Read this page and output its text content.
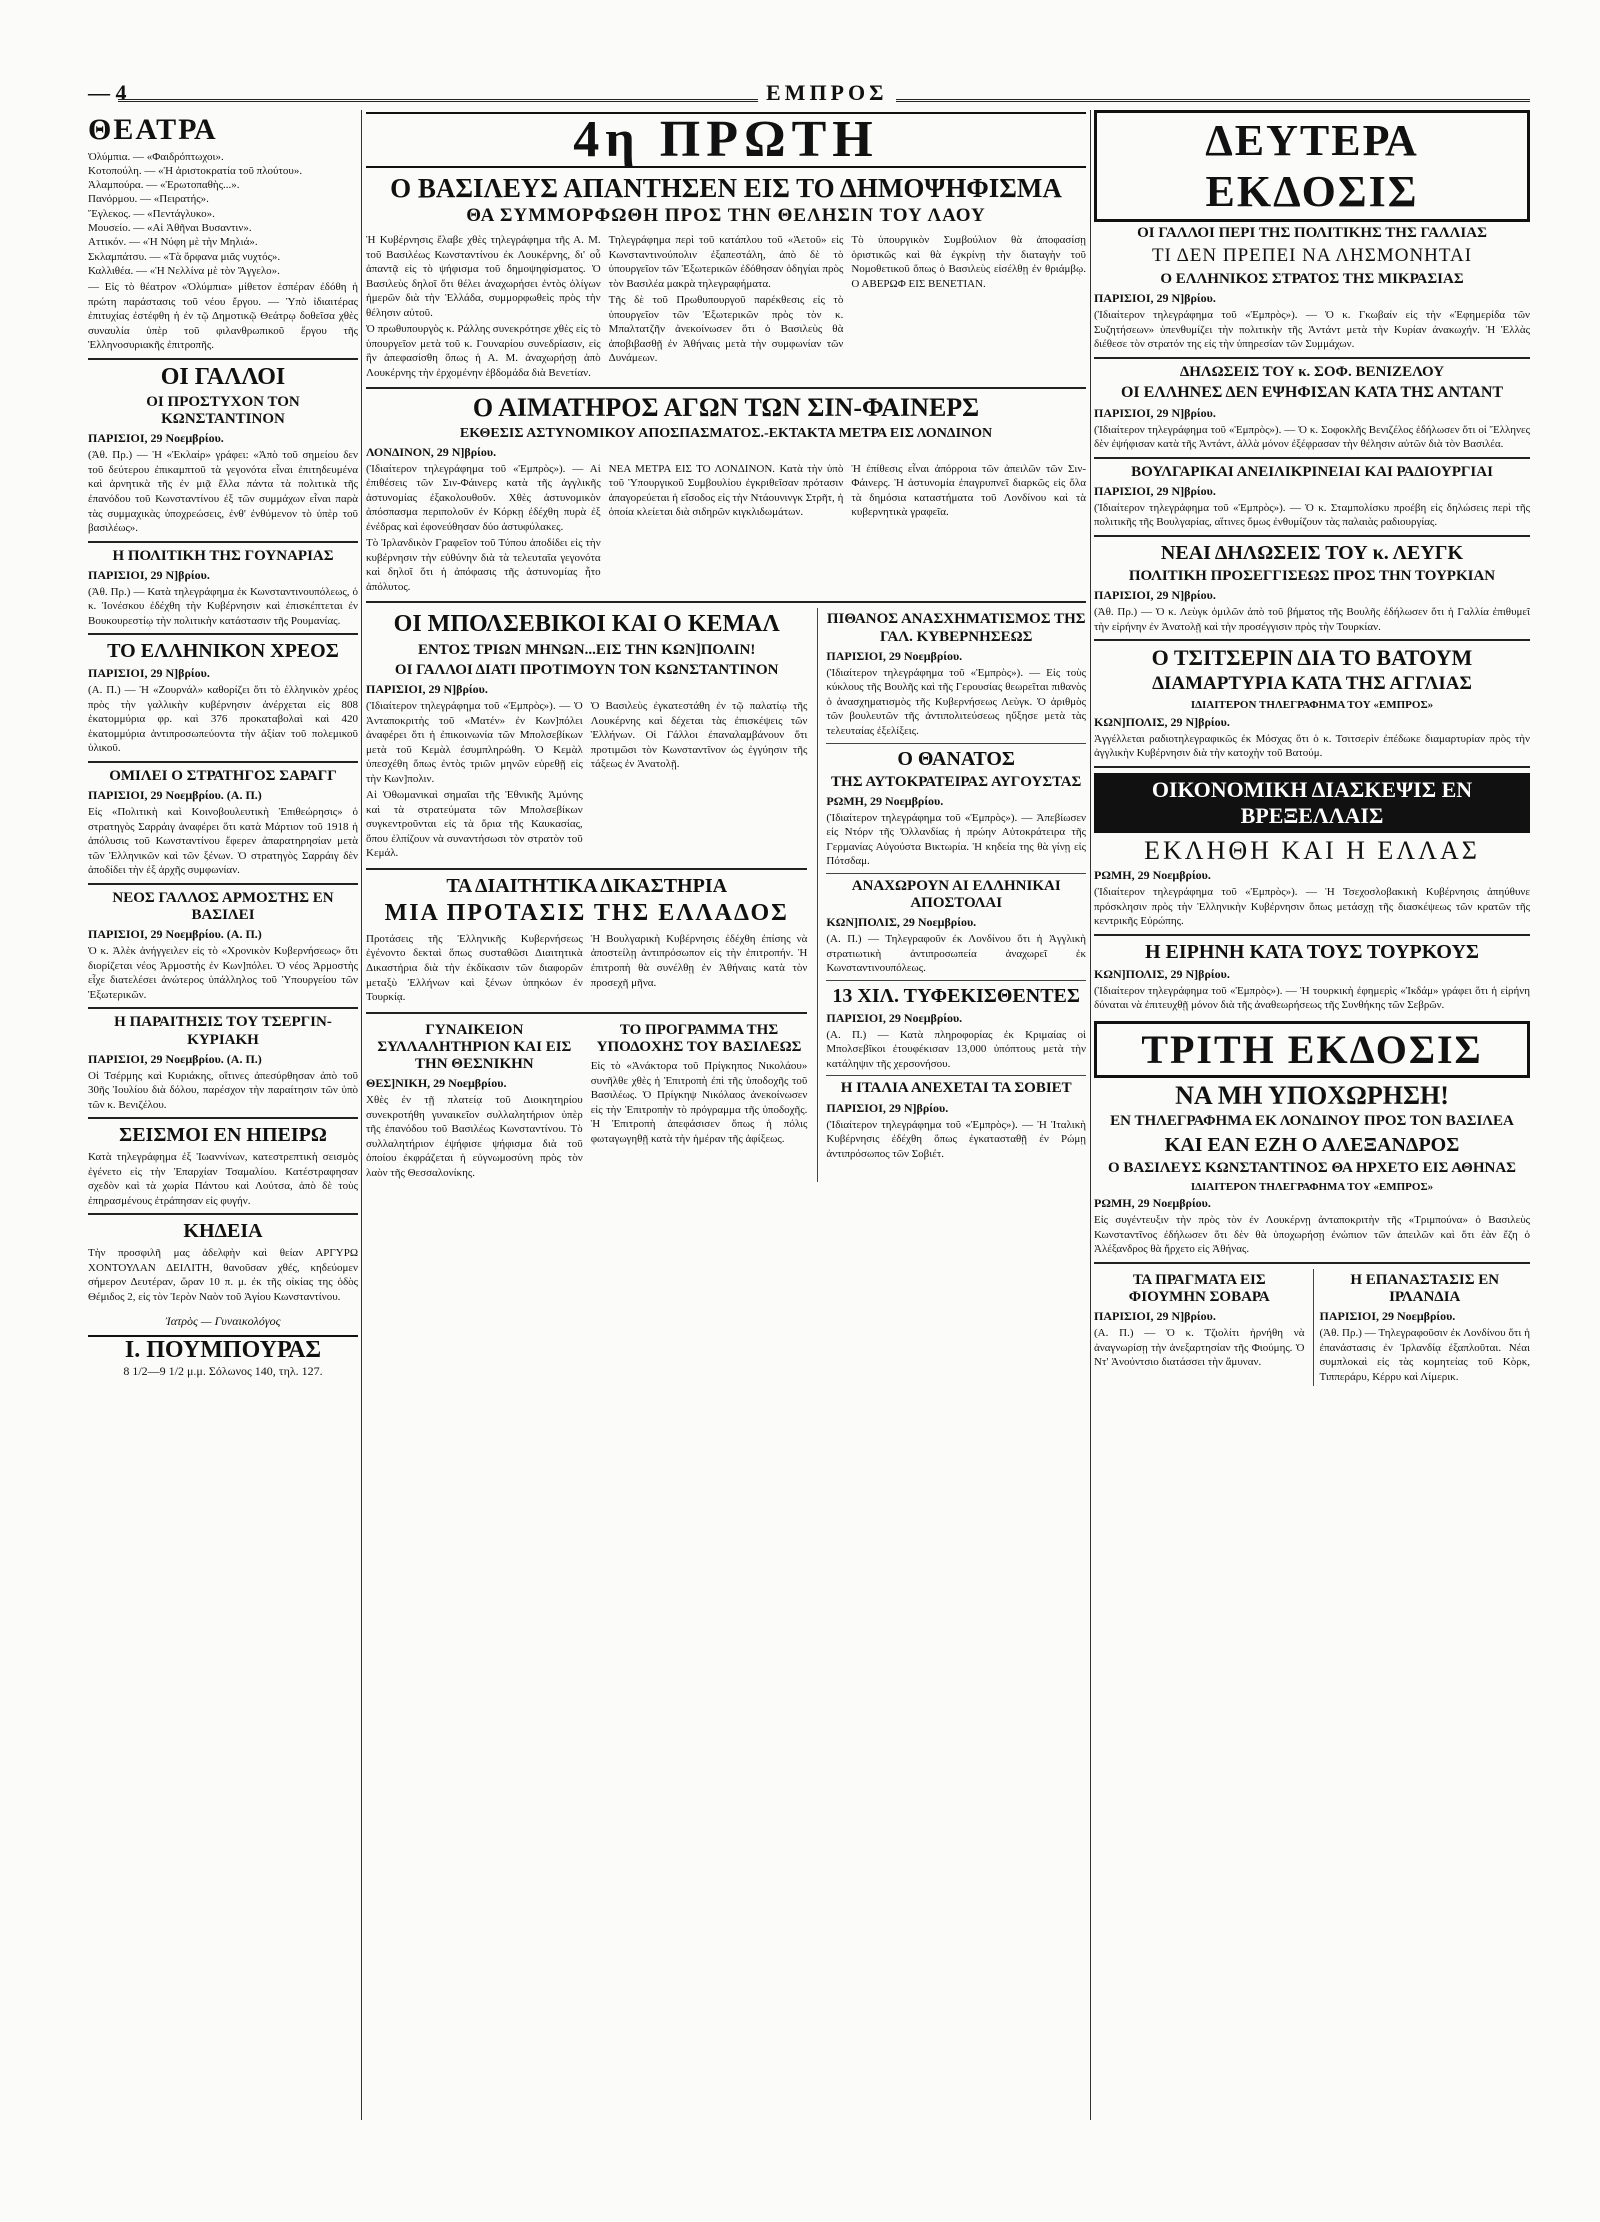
— 4	ΕΜΠΡΟΣ
ΘΕΑΤΡΑ
Ὀλύμπια. — «Φαιδρόπτωχοι».
Κοτοπούλη. — «Ἡ ἀριστοκρατία τοῦ πλούτου».
Ἀλαμπούρα. — «Ἐρωτοπαθὴς...».
Πανόρμου. — «Πειρατής».
Ἔγλεκος. — «Πεντάγλυκο».
Μουσείο. — «Αἱ Ἀθῆναι Βυσαντιν».
Αττικόν. — «Ἡ Νύφη μὲ τὴν Μηλιά».
Σκλαμπάτσυ. — «Τὰ ὄρφανα μιᾶς νυχτός».
Καλλιθέα. — «Ἡ Νελλίνα μὲ τὸν Ἄγγελο».

— Εἰς τὸ θέατρον «Ὀλύμπια» μίθετον ἑσπέραν ἐδόθη ἡ πρώτη παράστασις τοῦ νέου ἔργου. — Ὑπὸ ἰδιαιτέρας ἐπιτυχίας ἐστέφθη ἡ ἐν τῷ Δημοτικῷ Θεάτρῳ δοθεῖσα χθὲς συναυλία ὑπὲρ τοῦ φιλανθρωπικοῦ ἔργου τῆς Ἑλληνοσυριακῆς ἐπιτροπῆς.

ΟΙ ΓΑΛΛΟΙ
ΟΙ ΠΡΟΣΤΥΧΟΝ ΤΟΝ ΚΩΝΣΤΑΝΤΙΝΟΝ
ΠΑΡΙΣΙΟΙ, 29 Νοεμβρίου.

(Ἀθ. Πρ.) — Ἡ «Ἐκλαίρ» γράφει: «Ἀπὸ τοῦ σημείου δεν τοῦ δεύτερου ἐπικαμπτοῦ τὰ γεγονότα εἶναι ἐπιτηδευμένα καὶ ἀρνητικὰ τῆς ἐν μιᾷ ἔλλα πάντα τὰ πολιτικὰ τῆς ἐπανόδου τοῦ Κωνσταντίνου ἐξ τῶν συμμάχων εἶναι παρὰ τὰς συμμαχικὰς ὑποχρεώσεις, ἐνθ' ἐνθύμενον τὸ ὑπὲρ τοῦ βασιλέως».

Η ΠΟΛΙΤΙΚΗ ΤΗΣ ΓΟΥΝΑΡΙΑΣ
ΠΑΡΙΣΙΟΙ, 29 Ν]βρίου.

(Ἀθ. Πρ.) — Κατὰ τηλεγράφημα ἐκ Κωνσταντινουπόλεως, ὁ κ. Ἰονέσκου ἐδέχθη τὴν Κυβέρνησιν καὶ ἐπισκέπτεται ἐν Βουκουρεστίῳ τὴν πολιτικὴν κατάστασιν τῆς Ρουμανίας.

ΤΟ ΕΛΛΗΝΙΚΟΝ ΧΡΕΟΣ
ΠΑΡΙΣΙΟΙ, 29 Ν]βρίου.

(Α. Π.) — Ἡ «Ζουρνάλ» καθορίζει ὅτι τὸ ἑλληνικὸν χρέος πρὸς τὴν γαλλικὴν κυβέρνησιν ἀνέρχεται εἰς 808 ἑκατομμύρια φρ. καὶ 376 προκαταβολαὶ καὶ 420 ἑκατομμύρια ἀντιπροσωπεύοντα τὴν ἀξίαν τοῦ πολεμικοῦ ὑλικοῦ.

ΟΜΙΛΕΙ Ο ΣΤΡΑΤΗΓΟΣ ΣΑΡΑΓΓ
ΠΑΡΙΣΙΟΙ, 29 Νοεμβρίου. (Α. Π.)

Εἰς «Πολιτικὴ καὶ Κοινοβουλευτικὴ Ἐπιθεώρησις» ὁ στρατηγὸς Σαρράιγ ἀναφέρει ὅτι κατὰ Μάρτιον τοῦ 1918 ἡ ἀπόλυσις τοῦ Κωνσταντίνου ἔφερεν ἀπαρατηρησίαν μετὰ τῶν Ἑλληνικῶν καὶ τῶν ξένων. Ὁ στρατηγὸς Σαρράιγ δὲν ἀποδίδει τὴν ἐξ ἀρχῆς συμφωνίαν.

ΝΕΟΣ ΓΑΛΛΟΣ ΑΡΜΟΣΤΗΣ ΕΝ ΒΑΣΙΛΕΙ
ΠΑΡΙΣΙΟΙ, 29 Νοεμβρίου. (Α. Π.)

Ὁ κ. Ἀλὲκ ἀνήγγειλεν εἰς τὸ «Χρονικὸν Κυβερνήσεως» ὅτι διορίζεται νέος Ἁρμοστὴς ἐν Κων]πόλει. Ὁ νέος Ἁρμοστὴς εἶχε διατελέσει ἀνώτερος ὑπάλληλος τοῦ Ὑπουργείου τῶν Ἐξωτερικῶν.

Η ΠΑΡΑΙΤΗΣΙΣ ΤΟΥ ΤΣΕΡΓΙΝ-ΚΥΡΙΑΚΗ
ΠΑΡΙΣΙΟΙ, 29 Νοεμβρίου. (Α. Π.)

Οἱ Τσέρμης καὶ Κυριάκης, οἵτινες ἀπεσύρθησαν ἀπὸ τοῦ 30ῆς Ἰουλίου διὰ δόλου, παρέσχον τὴν παραίτησιν τῶν ὑπὸ τῶν κ. Βενιζέλου.

ΣΕΙΣΜΟΙ ΕΝ ΗΠΕΙΡΩ

Κατὰ τηλεγράφημα ἐξ Ἰωαννίνων, κατεστρεπτικὴ σεισμὸς ἐγένετο εἰς τὴν Ἐπαρχίαν Τσαμαλίου. Κατέστραφησαν σχεδὸν καὶ τὰ χωρία Πάντου καὶ Λούτσα, ἀπὸ δὲ τοὺς ἐπηρασμένους ἐτράπησαν εἰς φυγήν.

ΚΗΔΕΙΑ

Τὴν προσφιλῆ μας ἀδελφὴν καὶ θείαν ΑΡΓΥΡΩ ΧΟΝΤΟΥΛΑΝ ΔΕΙΛΙΤΗ, θανοῦσαν χθές, κηδεύομεν σήμερον Δευτέραν, ὥραν 10 π. μ. ἐκ τῆς οἰκίας της ὁδὸς Θέμιδος 2, εἰς τὸν Ἱερὸν Ναὸν τοῦ Ἁγίου Κωνσταντίνου.

Ἰατρὸς — Γυναικολόγος
Ι. ΠΟΥΜΠΟΥΡΑΣ
8 1/2—9 1/2 μ.μ. Σόλωνος 140, τηλ. 127.
4η ΠΡΩΤΗ
Ο ΒΑΣΙΛΕΥΣ ΑΠΑΝΤΗΣΕΝ ΕΙΣ ΤΟ ΔΗΜΟΨΗΦΙΣΜΑ
ΘΑ ΣΥΜΜΟΡΦΩΘΗ ΠΡΟΣ ΤΗΝ ΘΕΛΗΣΙΝ ΤΟΥ ΛΑΟΥ

Ἡ Κυβέρνησις ἔλαβε χθὲς τηλεγράφημα τῆς Α. Μ. τοῦ Βασιλέως Κωνσταντίνου ἐκ Λουκέρνης, δι' οὗ ἀπαντᾷ εἰς τὸ ψήφισμα τοῦ δημοψηφίσματος. Ὁ Βασιλεὺς δηλοῖ ὅτι θέλει ἀναχωρήσει ἐντὸς ὀλίγων ἡμερῶν διὰ τὴν Ἑλλάδα, συμμορφωθεὶς πρὸς τὴν θέλησιν αὐτοῦ.

Ὁ πρωθυπουργὸς κ. Ράλλης συνεκρότησε χθὲς εἰς τὸ ὑπουργεῖον μετὰ τοῦ κ. Γουναρίου συνεδρίασιν, εἰς ἣν ἀπεφασίσθη ὅπως ἡ Α. Μ. ἀναχωρήσῃ ἀπὸ Λουκέρνης τὴν ἐρχομένην ἑβδομάδα διὰ Βενετίαν.

Τηλεγράφημα περὶ τοῦ κατάπλου τοῦ «Ἀετοῦ» εἰς Κωνσταντινούπολιν ἐξαπεστάλη, ἀπὸ δὲ τὸ ὑπουργεῖον τῶν Ἐξωτερικῶν ἐδόθησαν ὁδηγίαι πρὸς τὸν Βασιλέα μακρὰ τηλεγραφήματα.

Τῆς δὲ τοῦ Πρωθυπουργοῦ παρέκθεσις εἰς τὸ ὑπουργεῖον τῶν Ἐξωτερικῶν πρὸς τὸν κ. Μπαλτατζῆν ἀνεκοίνωσεν ὅτι ὁ Βασιλεὺς θὰ ἀποβιβασθῇ ἐν Ἀθήναις μετὰ τὴν συμφωνίαν τῶν Δυνάμεων.

Τὸ ὑπουργικὸν Συμβούλιον θὰ ἀποφασίσῃ ὁριστικῶς καὶ θὰ ἐγκρίνῃ τὴν διαταγὴν τοῦ Νομοθετικοῦ ὅπως ὁ Βασιλεὺς εἰσέλθῃ ἐν θριάμβῳ. Ο ΑΒΕΡΩΦ ΕΙΣ ΒΕΝΕΤΙΑΝ.

Ο ΑΙΜΑΤΗΡΟΣ ΑΓΩΝ ΤΩΝ ΣΙΝ-ΦΑΙΝΕΡΣ
ΕΚΘΕΣΙΣ ΑΣΤΥΝΟΜΙΚΟΥ ΑΠΟΣΠΑΣΜΑΤΟΣ.-ΕΚΤΑΚΤΑ ΜΕΤΡΑ ΕΙΣ ΛΟΝΔΙΝΟΝ
ΛΟΝΔΙΝΟΝ, 29 Ν]βρίου.

(Ἰδιαίτερον τηλεγράφημα τοῦ «Ἐμπρὸς»). — Αἱ ἐπιθέσεις τῶν Σιν-Φάινερς κατὰ τῆς ἀγγλικῆς ἀστυνομίας ἐξακολουθοῦν. Χθὲς ἀστυνομικὸν ἀπόσπασμα περιπολοῦν ἐν Κόρκῃ ἐδέχθη πυρὰ ἐξ ἐνέδρας καὶ ἐφονεύθησαν δύο ἀστυφύλακες.

Τὸ Ἰρλανδικὸν Γραφεῖον τοῦ Τύπου ἀποδίδει εἰς τὴν κυβέρνησιν τὴν εὐθύνην διὰ τὰ τελευταῖα γεγονότα καὶ δηλοῖ ὅτι ἡ ἀπόφασις τῆς ἀστυνομίας ἦτο ἀπόλυτος.

ΝΕΑ ΜΕΤΡΑ ΕΙΣ ΤΟ ΛΟΝΔΙΝΟΝ. Κατὰ τὴν ὑπὸ τοῦ Ὑπουργικοῦ Συμβουλίου ἐγκριθεῖσαν πρότασιν ἀπαγορεύεται ἡ εἴσοδος εἰς τὴν Ντάουνινγκ Στρῆτ, ἡ ὁποία κλείεται διὰ σιδηρῶν κιγκλιδωμάτων.

Ἡ ἐπίθεσις εἶναι ἀπόρροια τῶν ἀπειλῶν τῶν Σιν-Φάινερς. Ἡ ἀστυνομία ἐπαγρυπνεῖ διαρκῶς εἰς ὅλα τὰ δημόσια καταστήματα τοῦ Λονδίνου καὶ τὰ κυβερνητικὰ γραφεῖα.

ΟΙ ΜΠΟΛΣΕΒΙΚΟΙ ΚΑΙ Ο ΚΕΜΑΛ
ΕΝΤΟΣ ΤΡΙΩΝ ΜΗΝΩΝ...ΕΙΣ ΤΗΝ ΚΩΝ]ΠΟΛΙΝ!
ΟΙ ΓΑΛΛΟΙ ΔΙΑΤΙ ΠΡΟΤΙΜΟΥΝ ΤΟΝ ΚΩΝΣΤΑΝΤΙΝΟΝ
ΠΑΡΙΣΙΟΙ, 29 Ν]βρίου.

(Ἰδιαίτερον τηλεγράφημα τοῦ «Ἐμπρὸς»). — Ὁ Ἀνταποκριτὴς τοῦ «Ματέν» ἐν Κων]πόλει ἀναφέρει ὅτι ἡ ἐπικοινωνία τῶν Μπολσεβίκων μετὰ τοῦ Κεμὰλ ἐσυμπληρώθη. Ὁ Κεμὰλ ὑπεσχέθη ὅπως ἐντὸς τριῶν μηνῶν εὑρεθῇ εἰς τὴν Κων]πολιν.

Αἱ Ὀθωμανικαὶ σημαῖαι τῆς Ἐθνικῆς Ἀμύνης καὶ τὰ στρατεύματα τῶν Μπολσεβίκων συγκεντροῦνται εἰς τὰ ὅρια τῆς Καυκασίας, ὅπου ἐλπίζουν νὰ συναντήσωσι τὸν στρατὸν τοῦ Κεμάλ.

Ὁ Βασιλεὺς ἐγκατεστάθη ἐν τῷ παλατίῳ τῆς Λουκέρνης καὶ δέχεται τὰς ἐπισκέψεις τῶν Ἑλλήνων. Οἱ Γάλλοι ἐπαναλαμβάνουν ὅτι προτιμῶσι τὸν Κωνσταντῖνον ὡς ἐγγύησιν τῆς τάξεως ἐν Ἀνατολῇ.

ΤΑ ΔΙΑΙΤΗΤΙΚΑ ΔΙΚΑΣΤΗΡΙΑ
ΜΙΑ ΠΡΟΤΑΣΙΣ ΤΗΣ ΕΛΛΑΔΟΣ

Προτάσεις τῆς Ἑλληνικῆς Κυβερνήσεως ἐγένοντο δεκταὶ ὅπως συσταθῶσι Διαιτητικὰ Δικαστήρια διὰ τὴν ἐκδίκασιν τῶν διαφορῶν μεταξὺ Ἑλλήνων καὶ ξένων ὑπηκόων ἐν Τουρκίᾳ.

Ἡ Βουλγαρικὴ Κυβέρνησις ἐδέχθη ἐπίσης νὰ ἀποστείλῃ ἀντιπρόσωπον εἰς τὴν ἐπιτροπήν. Ἡ ἐπιτροπὴ θὰ συνέλθῃ ἐν Ἀθήναις κατὰ τὸν προσεχῆ μῆνα.

ΓΥΝΑΙΚΕΙΟΝ ΣΥΛΛΑΛΗΤΗΡΙΟΝ ΚΑΙ ΕΙΣ ΤΗΝ ΘΕΣΝΙΚΗΝ
ΘΕΣ]ΝΙΚΗ, 29 Νοεμβρίου.

Χθὲς ἐν τῇ πλατείᾳ τοῦ Διοικητηρίου συνεκροτήθη γυναικεῖον συλλαλητήριον ὑπὲρ τῆς ἐπανόδου τοῦ Βασιλέως Κωνσταντίνου. Τὸ συλλαλητήριον ἐψήφισε ψήφισμα διὰ τοῦ ὁποίου ἐκφράζεται ἡ εὐγνωμοσύνη πρὸς τὸν λαὸν τῆς Θεσσαλονίκης.

ΤΟ ΠΡΟΓΡΑΜΜΑ ΤΗΣ ΥΠΟΔΟΧΗΣ ΤΟΥ ΒΑΣΙΛΕΩΣ

Εἰς τὸ «Ἀνάκτορα τοῦ Πρίγκηπος Νικολάου» συνῆλθε χθὲς ἡ Ἐπιτροπὴ ἐπὶ τῆς ὑποδοχῆς τοῦ Βασιλέως. Ὁ Πρίγκηψ Νικόλαος ἀνεκοίνωσεν εἰς τὴν Ἐπιτροπὴν τὸ πρόγραμμα τῆς ὑποδοχῆς. Ἡ Ἐπιτροπὴ ἀπεφάσισεν ὅπως ἡ πόλις φωταγωγηθῇ κατὰ τὴν ἡμέραν τῆς ἀφίξεως.

ΠΙΘΑΝΟΣ ΑΝΑΣΧΗΜΑΤΙΣΜΟΣ ΤΗΣ ΓΑΛ. ΚΥΒΕΡΝΗΣΕΩΣ
ΠΑΡΙΣΙΟΙ, 29 Νοεμβρίου.

(Ἰδιαίτερον τηλεγράφημα τοῦ «Ἐμπρὸς»). — Εἰς τοὺς κύκλους τῆς Βουλῆς καὶ τῆς Γερουσίας θεωρεῖται πιθανὸς ὁ ἀνασχηματισμὸς τῆς Κυβερνήσεως Λεὺγκ. Ὁ ἀριθμὸς τῶν βουλευτῶν τῆς ἀντιπολιτεύσεως ηὔξησε μετὰ τὰς τελευταίας ἐξελίξεις.

Ο ΘΑΝΑΤΟΣ
ΤΗΣ ΑΥΤΟΚΡΑΤΕΙΡΑΣ ΑΥΓΟΥΣΤΑΣ
ΡΩΜΗ, 29 Νοεμβρίου.

(Ἰδιαίτερον τηλεγράφημα τοῦ «Ἐμπρὸς»). — Ἀπεβίωσεν εἰς Ντόρν τῆς Ὀλλανδίας ἡ πρώην Αὐτοκράτειρα τῆς Γερμανίας Αὐγούστα Βικτωρία. Ἡ κηδεία της θὰ γίνῃ εἰς Πότσδαμ.

ΑΝΑΧΩΡΟΥΝ ΑΙ ΕΛΛΗΝΙΚΑΙ ΑΠΟΣΤΟΛΑΙ
ΚΩΝ]ΠΟΛΙΣ, 29 Νοεμβρίου.

(Α. Π.) — Τηλεγραφοῦν ἐκ Λονδίνου ὅτι ἡ Ἀγγλικὴ στρατιωτικὴ ἀντιπροσωπεία ἀναχωρεῖ ἐκ Κωνσταντινουπόλεως.

13 ΧΙΛ. ΤΥΦΕΚΙΣΘΕΝΤΕΣ
ΠΑΡΙΣΙΟΙ, 29 Νοεμβρίου.

(Α. Π.) — Κατὰ πληροφορίας ἐκ Κριμαίας οἱ Μπολσεβῖκοι ἐτουφέκισαν 13,000 ὑπόπτους μετὰ τὴν κατάληψιν τῆς χερσονήσου.

Η ΙΤΑΛΙΑ ΑΝΕΧΕΤΑΙ ΤΑ ΣΟΒΙΕΤ
ΠΑΡΙΣΙΟΙ, 29 Ν]βρίου.

(Ἰδιαίτερον τηλεγράφημα τοῦ «Ἐμπρὸς»). — Ἡ Ἰταλικὴ Κυβέρνησις ἐδέχθη ὅπως ἐγκατασταθῇ ἐν Ρώμῃ ἀντιπρόσωπος τῶν Σοβιέτ.

ΔΕΥΤΕΡΑ ΕΚΔΟΣΙΣ
ΟΙ ΓΑΛΛΟΙ ΠΕΡΙ ΤΗΣ ΠΟΛΙΤΙΚΗΣ ΤΗΣ ΓΑΛΛΙΑΣ
ΤΙ ΔΕΝ ΠΡΕΠΕΙ ΝΑ ΛΗΣΜΟΝΗΤΑΙ
Ο ΕΛΛΗΝΙΚΟΣ ΣΤΡΑΤΟΣ ΤΗΣ ΜΙΚΡΑΣΙΑΣ
ΠΑΡΙΣΙΟΙ, 29 Ν]βρίου.

(Ἰδιαίτερον τηλεγράφημα τοῦ «Ἐμπρὸς»). — Ὁ κ. Γκωβαίν εἰς τὴν «Ἐφημερίδα τῶν Συζητήσεων» ὑπενθυμίζει τὴν πολιτικὴν τῆς Ἀντάντ μετὰ τὴν Κυρίαν ἀνακωχήν. Ἡ Ἑλλὰς διέθεσε τὸν στρατόν της εἰς τὴν ὑπηρεσίαν τῶν Συμμάχων.

ΔΗΛΩΣΕΙΣ ΤΟΥ κ. ΣΟΦ. ΒΕΝΙΖΕΛΟΥ
ΟΙ ΕΛΛΗΝΕΣ ΔΕΝ ΕΨΗΦΙΣΑΝ ΚΑΤΑ ΤΗΣ ΑΝΤΑΝΤ
ΠΑΡΙΣΙΟΙ, 29 Ν]βρίου.

(Ἰδιαίτερον τηλεγράφημα τοῦ «Ἐμπρὸς»). — Ὁ κ. Σοφοκλῆς Βενιζέλος ἐδήλωσεν ὅτι οἱ Ἕλληνες δὲν ἐψήφισαν κατὰ τῆς Ἀντάντ, ἀλλὰ μόνον ἐξέφρασαν τὴν θέλησιν αὐτῶν διὰ τὸν Βασιλέα.

ΒΟΥΛΓΑΡΙΚΑΙ ΑΝΕΙΛΙΚΡΙΝΕΙΑΙ ΚΑΙ ΡΑΔΙΟΥΡΓΙΑΙ
ΠΑΡΙΣΙΟΙ, 29 Ν]βρίου.

(Ἰδιαίτερον τηλεγράφημα τοῦ «Ἐμπρὸς»). — Ὁ κ. Σταμπολίσκυ προέβη εἰς δηλώσεις περὶ τῆς πολιτικῆς τῆς Βουλγαρίας, αἵτινες ὅμως ἐνθυμίζουν τὰς παλαιὰς ραδιουργίας.

ΝΕΑΙ ΔΗΛΩΣΕΙΣ ΤΟΥ κ. ΛΕΥΓΚ
ΠΟΛΙΤΙΚΗ ΠΡΟΣΕΓΓΙΣΕΩΣ ΠΡΟΣ ΤΗΝ ΤΟΥΡΚΙΑΝ
ΠΑΡΙΣΙΟΙ, 29 Ν]βρίου.

(Ἀθ. Πρ.) — Ὁ κ. Λεὺγκ ὁμιλῶν ἀπὸ τοῦ βήματος τῆς Βουλῆς ἐδήλωσεν ὅτι ἡ Γαλλία ἐπιθυμεῖ τὴν εἰρήνην ἐν Ἀνατολῇ καὶ τὴν προσέγγισιν πρὸς τὴν Τουρκίαν.

Ο ΤΣΙΤΣΕΡΙΝ ΔΙΑ ΤΟ ΒΑΤΟΥΜ
ΔΙΑΜΑΡΤΥΡΙΑ ΚΑΤΑ ΤΗΣ ΑΓΓΛΙΑΣ
ΙΔΙΑΙΤΕΡΟΝ ΤΗΛΕΓΡΑΦΗΜΑ ΤΟΥ «ΕΜΠΡΟΣ»
ΚΩΝ]ΠΟΛΙΣ, 29 Ν]βρίου.

Ἀγγέλλεται ραδιοτηλεγραφικῶς ἐκ Μόσχας ὅτι ὁ κ. Τσιτσερὶν ἐπέδωκε διαμαρτυρίαν πρὸς τὴν ἀγγλικὴν Κυβέρνησιν διὰ τὴν κατοχὴν τοῦ Βατούμ.

ΟΙΚΟΝΟΜΙΚΗ ΔΙΑΣΚΕΨΙΣ ΕΝ ΒΡΕΞΕΛΛΑΙΣ
ΕΚΛΗΘΗ ΚΑΙ Η ΕΛΛΑΣ
ΡΩΜΗ, 29 Νοεμβρίου.

(Ἰδιαίτερον τηλεγράφημα τοῦ «Ἐμπρὸς»). — Ἡ Τσεχοσλοβακικὴ Κυβέρνησις ἀπηύθυνε πρόσκλησιν πρὸς τὴν Ἑλληνικὴν Κυβέρνησιν ὅπως μετάσχῃ τῆς διασκέψεως τῶν κρατῶν τῆς κεντρικῆς Εὐρώπης.

Η ΕΙΡΗΝΗ ΚΑΤΑ ΤΟΥΣ ΤΟΥΡΚΟΥΣ
ΚΩΝ]ΠΟΛΙΣ, 29 Ν]βρίου.

(Ἰδιαίτερον τηλεγράφημα τοῦ «Ἐμπρὸς»). — Ἡ τουρκικὴ ἐφημερὶς «Ἰκδάμ» γράφει ὅτι ἡ εἰρήνη δύναται νὰ ἐπιτευχθῇ μόνον διὰ τῆς ἀναθεωρήσεως τῆς Συνθήκης τῶν Σεβρῶν.

ΤΡΙΤΗ ΕΚΔΟΣΙΣ
ΝΑ ΜΗ ΥΠΟΧΩΡΗΣΗ!
ΕΝ ΤΗΛΕΓΡΑΦΗΜΑ ΕΚ ΛΟΝΔΙΝΟΥ ΠΡΟΣ ΤΟΝ ΒΑΣΙΛΕΑ
ΚΑΙ ΕΑΝ ΕΖΗ Ο ΑΛΕΞΑΝΔΡΟΣ
Ο ΒΑΣΙΛΕΥΣ ΚΩΝΣΤΑΝΤΙΝΟΣ ΘΑ ΗΡΧΕΤΟ ΕΙΣ ΑΘΗΝΑΣ
ΙΔΙΑΙΤΕΡΟΝ ΤΗΛΕΓΡΑΦΗΜΑ ΤΟΥ «ΕΜΠΡΟΣ»
ΡΩΜΗ, 29 Νοεμβρίου.

Εἰς συγέντευξιν τὴν πρὸς τὸν ἐν Λουκέρνῃ ἀνταποκριτὴν τῆς «Τριμπούνα» ὁ Βασιλεὺς Κωνσταντῖνος ἐδήλωσεν ὅτι δὲν θὰ ὑποχωρήσῃ ἐνώπιον τῶν ἀπειλῶν καὶ ὅτι ἐὰν ἔζη ὁ Ἀλέξανδρος θὰ ἤρχετο εἰς Ἀθήνας.

ΤΑ ΠΡΑΓΜΑΤΑ ΕΙΣ ΦΙΟΥΜΗΝ ΣΟΒΑΡΑ
ΠΑΡΙΣΙΟΙ, 29 Ν]βρίου.

(Α. Π.) — Ὁ κ. Τζιολίτι ἠρνήθη νὰ ἀναγνωρίσῃ τὴν ἀνεξαρτησίαν τῆς Φιούμης. Ὁ Ντ' Ἀνούντσιο διατάσσει τὴν ἄμυναν.

Η ΕΠΑΝΑΣΤΑΣΙΣ ΕΝ ΙΡΛΑΝΔΙΑ
ΠΑΡΙΣΙΟΙ, 29 Νοεμβρίου.

(Ἀθ. Πρ.) — Τηλεγραφοῦσιν ἐκ Λονδίνου ὅτι ἡ ἐπανάστασις ἐν Ἰρλανδίᾳ ἐξαπλοῦται. Νέαι συμπλοκαὶ εἰς τὰς κομητείας τοῦ Κὸρκ, Τιππεράρυ, Κέρρυ καὶ Λίμερικ.
